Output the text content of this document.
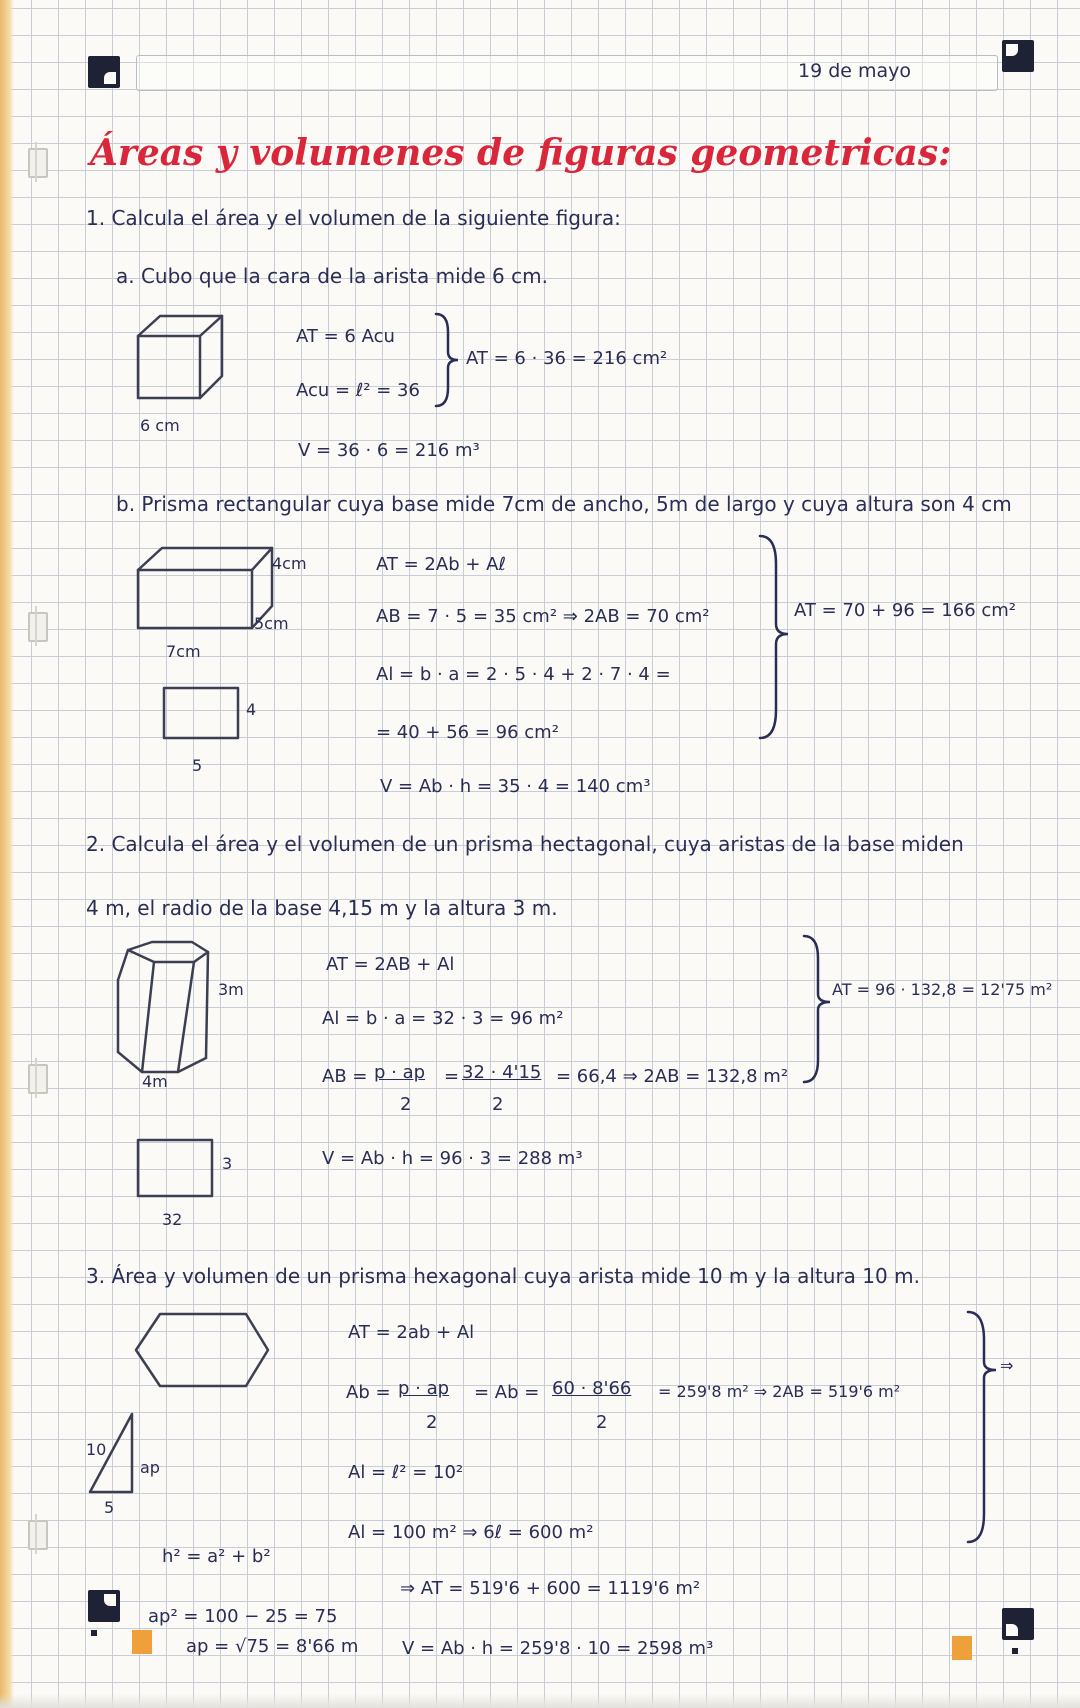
19 de mayo
Áreas y volumenes de figuras geometricas:
1. Calcula el área y el volumen de la siguiente figura:
a. Cubo que la cara de la arista mide 6 cm.
6 cm
AT = 6 Acu
Acu = ℓ² = 36
AT = 6 · 36 = 216 cm²
V = 36 · 6 = 216 m³
b. Prisma rectangular cuya base mide 7cm de ancho, 5m de largo y cuya altura son 4 cm
4cm
5cm
7cm
4
5
AT = 2Ab + Aℓ
AB = 7 · 5 = 35 cm² ⇒ 2AB = 70 cm²
Al = b · a = 2 · 5 · 4 + 2 · 7 · 4 =
= 40 + 56 = 96 cm²
AT = 70 + 96 = 166 cm²
V = Ab · h = 35 · 4 = 140 cm³
2. Calcula el área y el volumen de un prisma hectagonal, cuya aristas de la base miden
4 m, el radio de la base 4,15 m y la altura 3 m.
3m
4m
3
32
AT = 2AB + Al
Al = b · a = 32 · 3 = 96 m²
AB = p · ap
2
= 32 · 4'15
2
= 66,4 ⇒ 2AB = 132,8 m²
V = Ab · h = 96 · 3 = 288 m³
AT = 96 · 132,8 = 12'75 m²
3. Área y volumen de un prisma hexagonal cuya arista mide 10 m y la altura 10 m.
10
5
ap
AT = 2ab + Al
Ab = p · ap
2
= Ab = 60 · 8'66
2
= 259'8 m² ⇒ 2AB = 519'6 m²
Al = ℓ² = 10²
Al = 100 m² ⇒ 6ℓ = 600 m²
⇒
h² = a² + b²
ap² = 100 − 25 = 75
ap = √75 = 8'66 m
⇒ AT = 519'6 + 600 = 1119'6 m²
V = Ab · h = 259'8 · 10 = 2598 m³
